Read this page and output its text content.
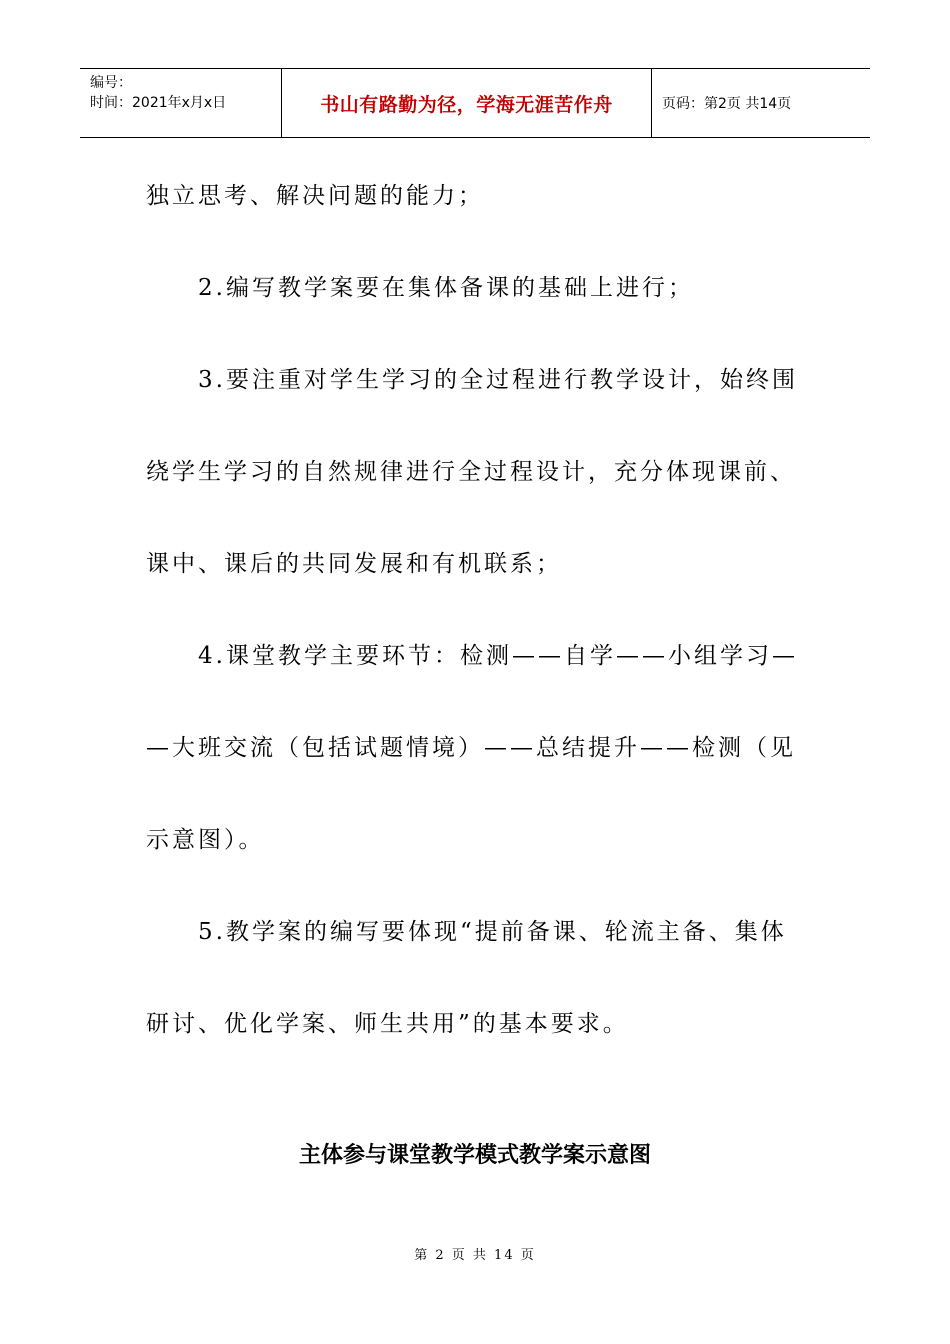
编号：
时间：2021年x月x日	书山有路勤为径，学海无涯苦作舟	页码：第2页 共14页
独立思考、解决问题的能力；
2.编写教学案要在集体备课的基础上进行；
3.要注重对学生学习的全过程进行教学设计，始终围
绕学生学习的自然规律进行全过程设计，充分体现课前、
课中、课后的共同发展和有机联系；
4.课堂教学主要环节：检测——自学——小组学习—
—大班交流（包括试题情境）——总结提升——检测（见
示意图）。
5.教学案的编写要体现“提前备课、轮流主备、集体
研讨、优化学案、师生共用”的基本要求。
主体参与课堂教学模式教学案示意图
第 2 页 共 14 页
